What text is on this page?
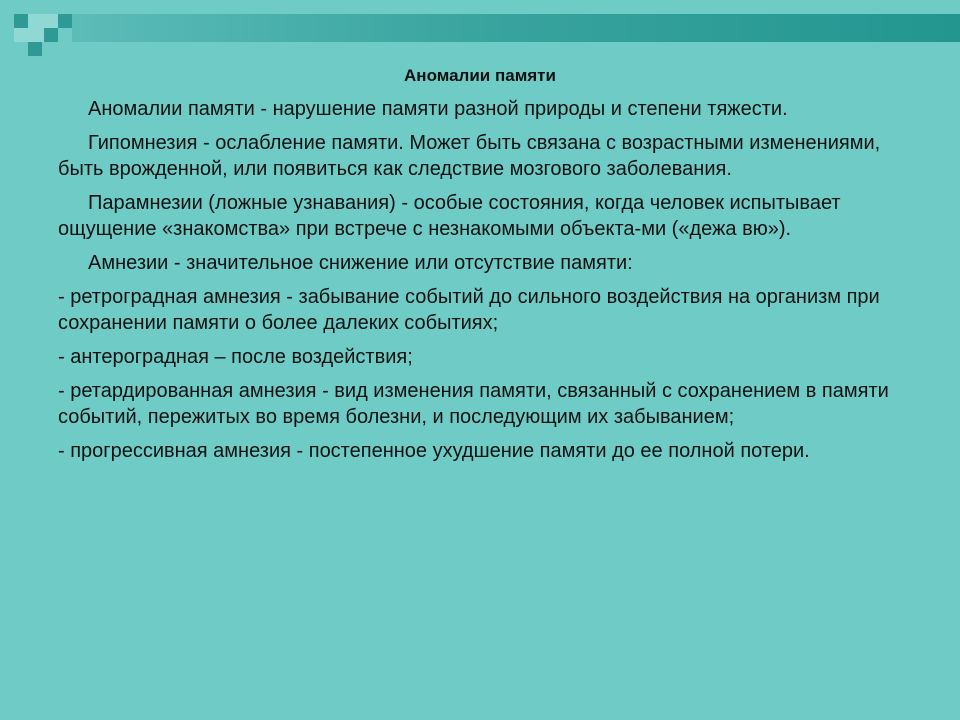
Аномалии памяти

Аномалии памяти - нарушение памяти разной природы и степени тяжести.

Гипомнезия - ослабление памяти. Может быть связана с возрастными изменениями, быть врожденной, или появиться как следствие мозгового заболевания.

Парамнезии (ложные узнавания) - особые состояния, когда человек испытывает ощущение «знакомства» при встрече с незнакомыми объекта-ми («дежа вю»).

Амнезии - значительное снижение или отсутствие памяти:

- ретроградная амнезия - забывание событий до сильного воздействия на организм при сохранении памяти о более далеких событиях;

- антероградная – после воздействия;

- ретардированная амнезия - вид изменения памяти, связанный с сохранением в памяти событий, пережитых во время болезни, и последующим их забыванием;

- прогрессивная амнезия - постепенное ухудшение памяти до ее полной потери.
